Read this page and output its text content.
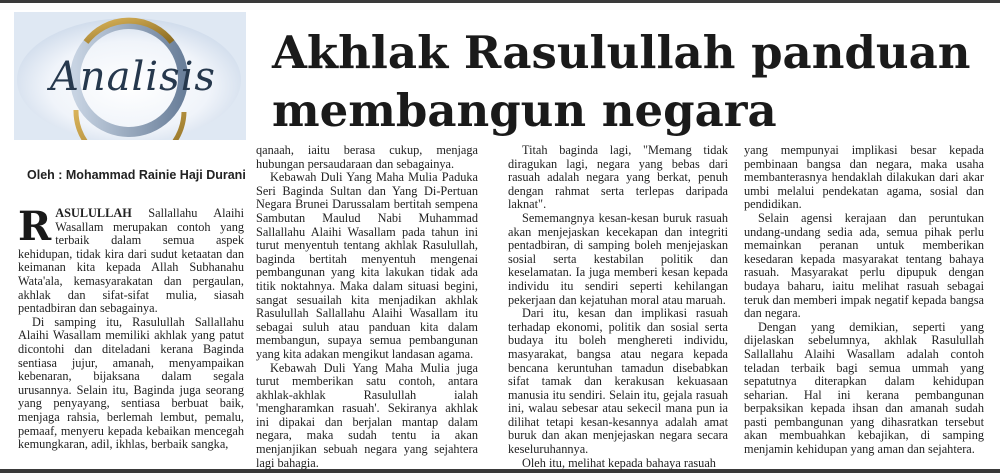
Analisis Akhlak Rasulullah panduan membangun negara
Oleh : Mohammad Rainie Haji Durani

RASULULLAH Sallallahu Alaihi Wasallam merupakan contoh yang terbaik dalam semua aspek kehidupan, tidak kira dari sudut ketaatan dan keimanan kita kepada Allah Subhanahu Wata'ala, kemasyarakatan dan pergaulan, akhlak dan sifat-sifat mulia, siasah pentadbiran dan sebagainya.

Di samping itu, Rasulullah Sallallahu Alaihi Wasallam memiliki akhlak yang patut dicontohi dan diteladani kerana Baginda sentiasa jujur, amanah, menyampaikan kebenaran, bijaksana dalam segala urusannya. Selain itu, Baginda juga seorang yang penyayang, sentiasa berbuat baik, menjaga rahsia, berlemah lembut, pemalu, pemaaf, menyeru kepada kebaikan mencegah kemungkaran, adil, ikhlas, berbaik sangka,

qanaah, iaitu berasa cukup, menjaga hubungan persaudaraan dan sebagainya.

Kebawah Duli Yang Maha Mulia Paduka Seri Baginda Sultan dan Yang Di-Pertuan Negara Brunei Darussalam bertitah sempena Sambutan Maulud Nabi Muhammad Sallallahu Alaihi Wasallam pada tahun ini turut menyentuh tentang akhlak Rasulullah, baginda bertitah menyentuh mengenai pembangunan yang kita lakukan tidak ada titik noktahnya. Maka dalam situasi begini, sangat sesuailah kita menjadikan akhlak Rasulullah Sallallahu Alaihi Wasallam itu sebagai suluh atau panduan kita dalam membangun, supaya semua pembangunan yang kita adakan mengikut landasan agama.

Kebawah Duli Yang Maha Mulia juga turut memberikan satu contoh, antara akhlak-akhlak Rasulullah ialah 'mengharamkan rasuah'. Sekiranya akhlak ini dipakai dan berjalan mantap dalam negara, maka sudah tentu ia akan menjanjikan sebuah negara yang sejahtera lagi bahagia.

Titah baginda lagi, "Memang tidak diragukan lagi, negara yang bebas dari rasuah adalah negara yang berkat, penuh dengan rahmat serta terlepas daripada laknat".

Sememangnya kesan-kesan buruk rasuah akan menjejaskan kecekapan dan integriti pentadbiran, di samping boleh menjejaskan sosial serta kestabilan politik dan keselamatan. Ia juga memberi kesan kepada individu itu sendiri seperti kehilangan pekerjaan dan kejatuhan moral atau maruah.

Dari itu, kesan dan implikasi rasuah terhadap ekonomi, politik dan sosial serta budaya itu boleh menghereti individu, masyarakat, bangsa atau negara kepada bencana keruntuhan tamadun disebabkan sifat tamak dan kerakusan kekuasaan manusia itu sendiri. Selain itu, gejala rasuah ini, walau sebesar atau sekecil mana pun ia dilihat tetapi kesan-kesannya adalah amat buruk dan akan menjejaskan negara secara keseluruhannya.

Oleh itu, melihat kepada bahaya rasuah

yang mempunyai implikasi besar kepada pembinaan bangsa dan negara, maka usaha membanterasnya hendaklah dilakukan dari akar umbi melalui pendekatan agama, sosial dan pendidikan.

Selain agensi kerajaan dan peruntukan undang-undang sedia ada, semua pihak perlu memainkan peranan untuk memberikan kesedaran kepada masyarakat tentang bahaya rasuah. Masyarakat perlu dipupuk dengan budaya baharu, iaitu melihat rasuah sebagai teruk dan memberi impak negatif kepada bangsa dan negara.

Dengan yang demikian, seperti yang dijelaskan sebelumnya, akhlak Rasulullah Sallallahu Alaihi Wasallam adalah contoh teladan terbaik bagi semua ummah yang sepatutnya diterapkan dalam kehidupan seharian. Hal ini kerana pembangunan berpaksikan kepada ihsan dan amanah sudah pasti pembangunan yang dihasratkan tersebut akan membuahkan kebajikan, di samping menjamin kehidupan yang aman dan sejahtera.
